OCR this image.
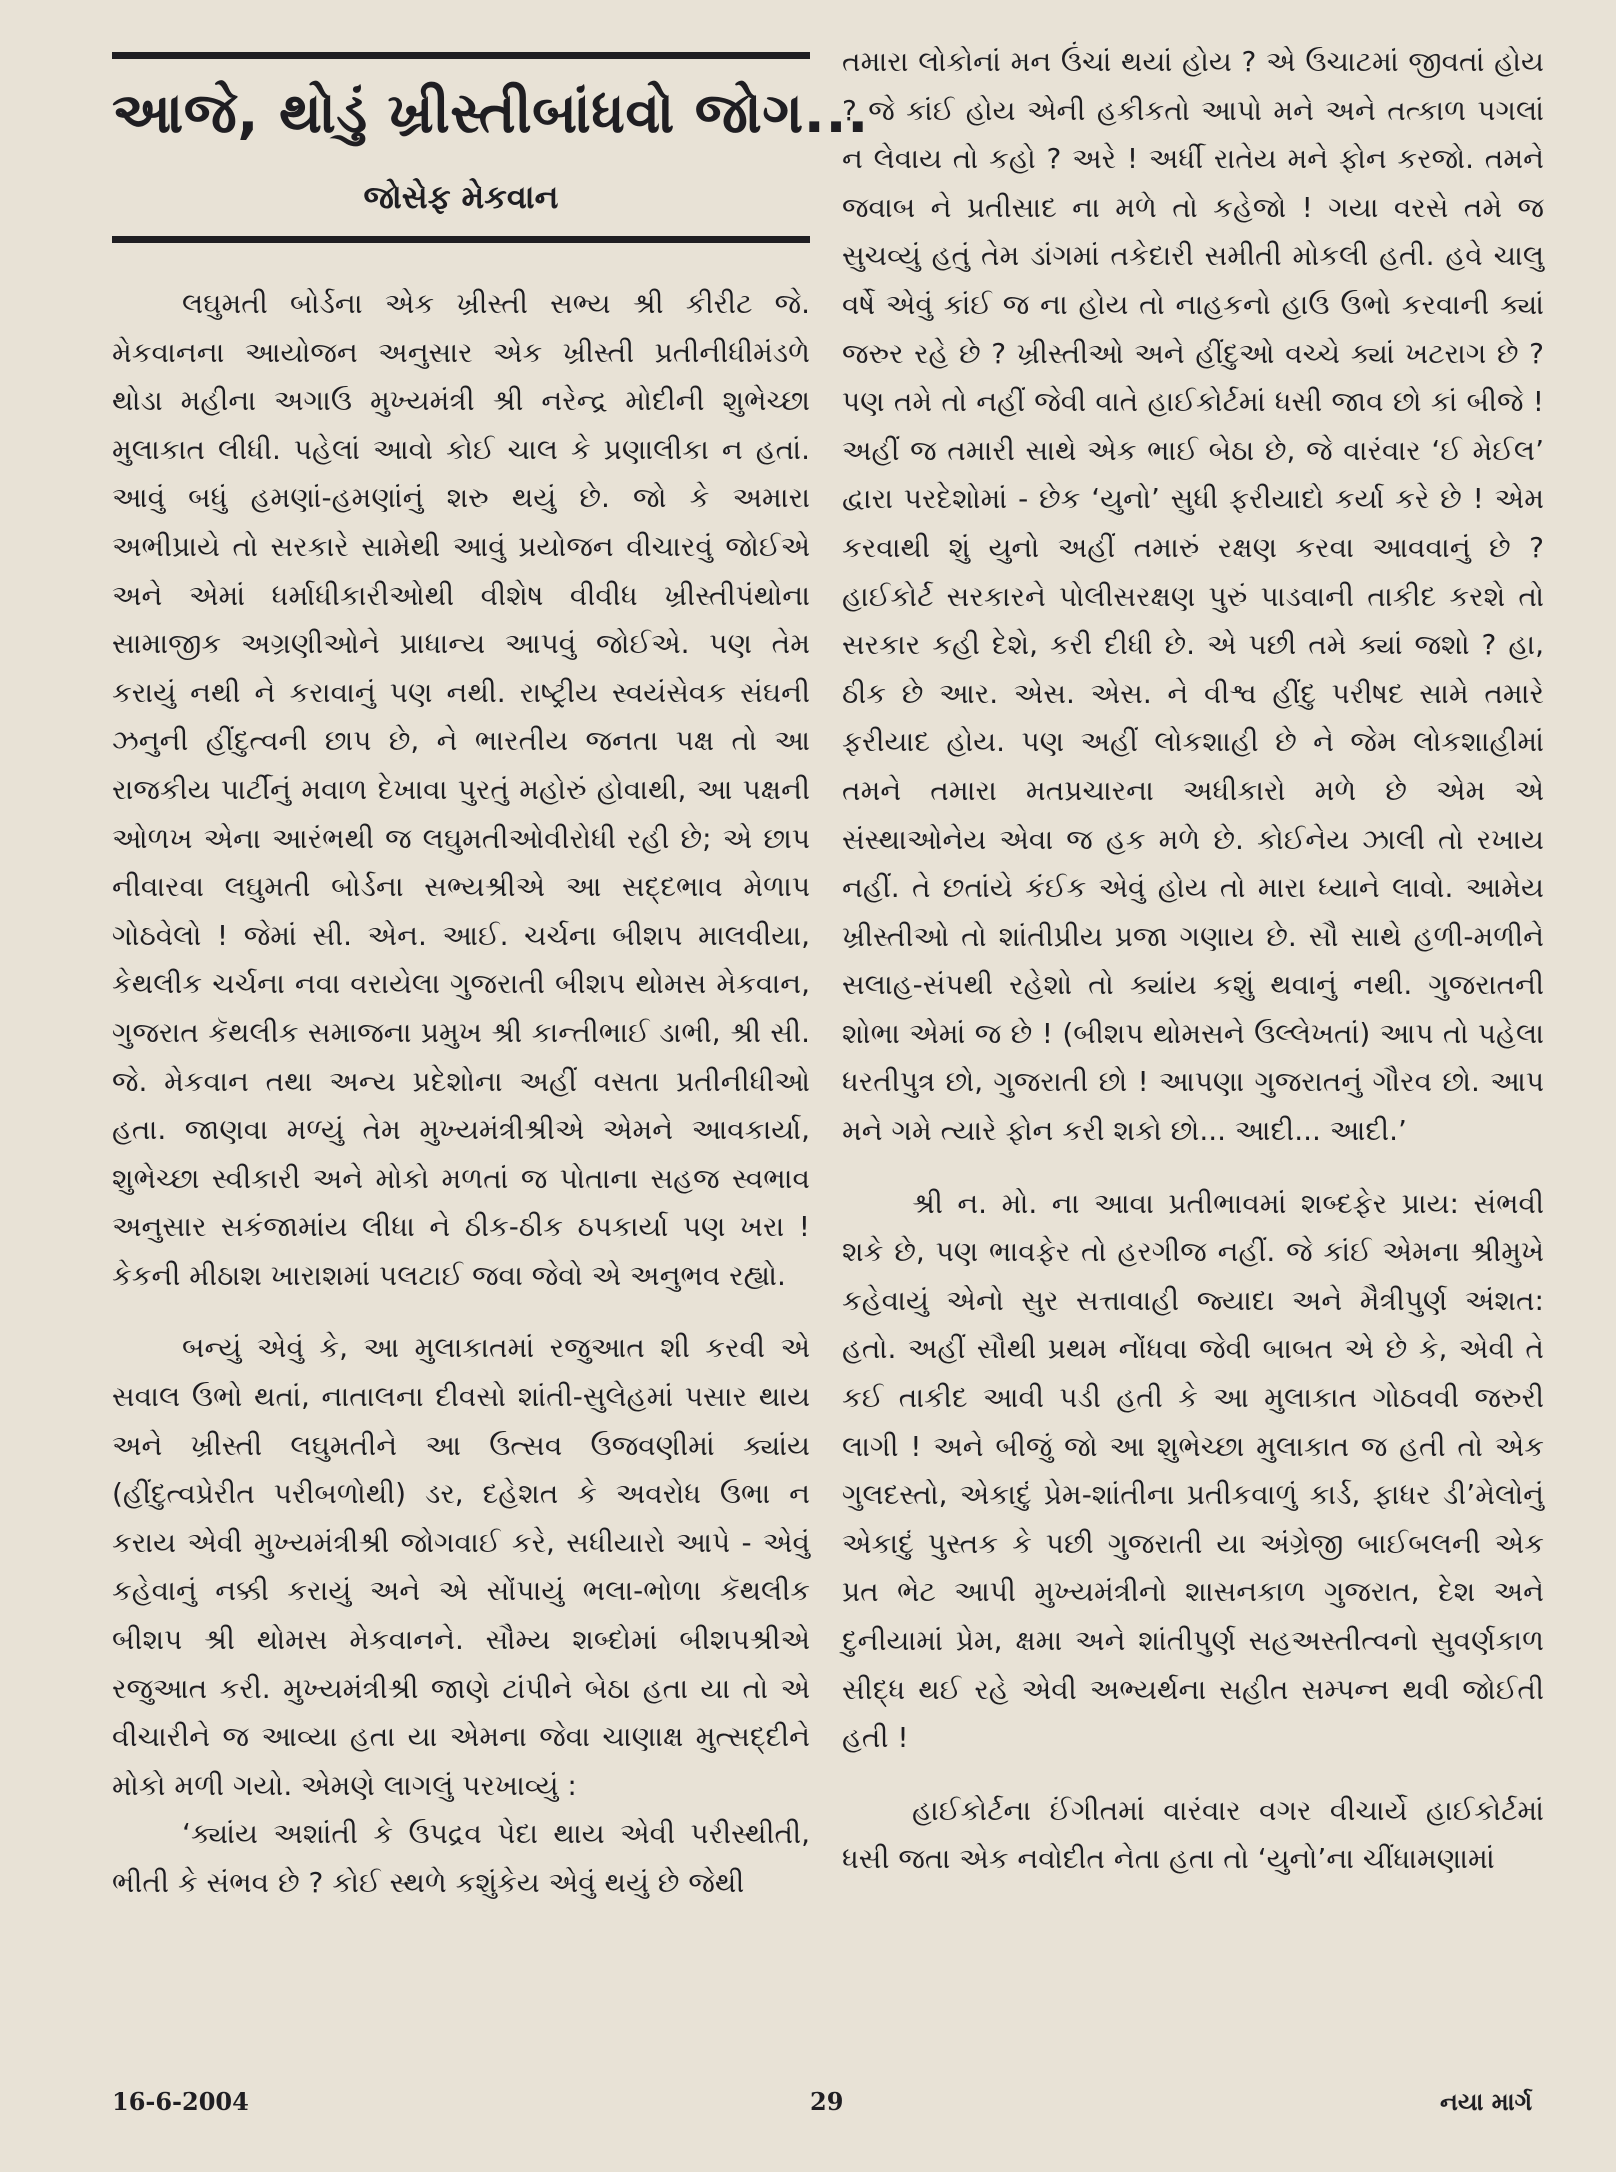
આજે, થોડું ખ્રીસ્તીબાંધવો જોગ...
જોસેફ મેકવાન

લઘુમતી બોર્ડના એક ખ્રીસ્તી સભ્ય શ્રી કીરીટ જે. મેકવાનના આયોજન અનુસાર એક ખ્રીસ્તી પ્રતીનીધીમંડળે થોડા મહીના અગાઉ મુખ્યમંત્રી શ્રી નરેન્દ્ર મોદીની શુભેચ્છા મુલાકાત લીધી. પહેલાં આવો કોઈ ચાલ કે પ્રણાલીકા ન હતાં. આવું બધું હમણાં-હમણાંનું શરુ થયું છે. જો કે અમારા અભીપ્રાયે તો સરકારે સામેથી આવું પ્રયોજન વીચારવું જોઈએ અને એમાં ધર્માધીકારીઓથી વીશેષ વીવીધ ખ્રીસ્તીપંથોના સામાજીક અગ્રણીઓને પ્રાધાન્ય આપવું જોઈએ. પણ તેમ કરાયું નથી ને કરાવાનું પણ નથી. રાષ્ટ્રીય સ્વયંસેવક સંઘની ઝનુની હીંદુત્વની છાપ છે, ને ભારતીય જનતા પક્ષ તો આ રાજકીય પાર્ટીનું મવાળ દેખાવા પુરતું મહોરું હોવાથી, આ પક્ષની ઓળખ એના આરંભથી જ લઘુમતીઓવીરોધી રહી છે; એ છાપ નીવારવા લઘુમતી બોર્ડના સભ્યશ્રીએ આ સદ્દભાવ મેળાપ ગોઠવેલો ! જેમાં સી. એન. આઈ. ચર્ચના બીશપ માલવીયા, કેથલીક ચર્ચના નવા વરાયેલા ગુજરાતી બીશપ થોમસ મેકવાન, ગુજરાત કૅથલીક સમાજના પ્રમુખ શ્રી કાન્તીભાઈ ડાભી, શ્રી સી. જે. મેકવાન તથા અન્ય પ્રદેશોના અહીં વસતા પ્રતીનીધીઓ હતા. જાણવા મળ્યું તેમ મુખ્યમંત્રીશ્રીએ એમને આવકાર્યા, શુભેચ્છા સ્વીકારી અને મોકો મળતાં જ પોતાના સહજ સ્વભાવ અનુસાર સકંજામાંય લીધા ને ઠીક-ઠીક ઠપકાર્યા પણ ખરા ! કેકની મીઠાશ ખારાશમાં પલટાઈ જવા જેવો એ અનુભવ રહ્યો.

બન્યું એવું કે, આ મુલાકાતમાં રજુઆત શી કરવી એ સવાલ ઉભો થતાં, નાતાલના દીવસો શાંતી-સુલેહમાં પસાર થાય અને ખ્રીસ્તી લઘુમતીને આ ઉત્સવ ઉજવણીમાં ક્યાંય (હીંદુત્વપ્રેરીત પરીબળોથી) ડર, દહેશત કે અવરોધ ઉભા ન કરાય એવી મુખ્યમંત્રીશ્રી જોગવાઈ કરે, સધીયારો આપે - એવું કહેવાનું નક્કી કરાયું અને એ સોંપાયું ભલા-ભોળા કૅથલીક બીશપ શ્રી થોમસ મેકવાનને. સૌમ્ય શબ્દોમાં બીશપશ્રીએ રજુઆત કરી. મુખ્યમંત્રીશ્રી જાણે ટાંપીને બેઠા હતા યા તો એ વીચારીને જ આવ્યા હતા યા એમના જેવા ચાણાક્ષ મુત્સદ્દીને મોકો મળી ગયો. એમણે લાગલું પરખાવ્યું :

‘ક્યાંય અશાંતી કે ઉપદ્રવ પેદા થાય એવી પરીસ્થીતી, ભીતી કે સંભવ છે ? કોઈ સ્થળે કશુંકેય એવું થયું છે જેથી

તમારા લોકોનાં મન ઉંચાં થયાં હોય ? એ ઉચાટમાં જીવતાં હોય ? જે કાંઈ હોય એની હકીકતો આપો મને અને તત્કાળ પગલાં ન લેવાય તો કહો ? અરે ! અર્ધી રાતેય મને ફોન કરજો. તમને જવાબ ને પ્રતીસાદ ના મળે તો કહેજો ! ગયા વરસે તમે જ સુચવ્યું હતું તેમ ડાંગમાં તકેદારી સમીતી મોકલી હતી. હવે ચાલુ વર્ષે એવું કાંઈ જ ના હોય તો નાહકનો હાઉ ઉભો કરવાની ક્યાં જરુર રહે છે ? ખ્રીસ્તીઓ અને હીંદુઓ વચ્ચે ક્યાં ખટરાગ છે ? પણ તમે તો નહીં જેવી વાતે હાઈકોર્ટમાં ધસી જાવ છો કાં બીજે ! અહીં જ તમારી સાથે એક ભાઈ બેઠા છે, જે વારંવાર ‘ઈ મેઈલ’ દ્વારા પરદેશોમાં - છેક ‘યુનો’ સુધી ફરીયાદો કર્યા કરે છે ! એમ કરવાથી શું યુનો અહીં તમારું રક્ષણ કરવા આવવાનું છે ? હાઈકોર્ટ સરકારને પોલીસરક્ષણ પુરું પાડવાની તાકીદ કરશે તો સરકાર કહી દેશે, કરી દીધી છે. એ પછી તમે ક્યાં જશો ? હા, ઠીક છે આર. એસ. એસ. ને વીશ્વ હીંદુ પરીષદ સામે તમારે ફરીયાદ હોય. પણ અહીં લોકશાહી છે ને જેમ લોકશાહીમાં તમને તમારા મતપ્રચારના અધીકારો મળે છે એમ એ સંસ્થાઓનેય એવા જ હક મળે છે. કોઈનેય ઝાલી તો રખાય નહીં. તે છતાંયે કંઈક એવું હોય તો મારા ધ્યાને લાવો. આમેય ખ્રીસ્તીઓ તો શાંતીપ્રીય પ્રજા ગણાય છે. સૌ સાથે હળી-મળીને સલાહ-સંપથી રહેશો તો ક્યાંય કશું થવાનું નથી. ગુજરાતની શોભા એમાં જ છે ! (બીશપ થોમસને ઉલ્લેખતાં) આપ તો પહેલા ધરતીપુત્ર છો, ગુજરાતી છો ! આપણા ગુજરાતનું ગૌરવ છો. આપ મને ગમે ત્યારે ફોન કરી શકો છો... આદી... આદી.’

શ્રી ન. મો. ના આવા પ્રતીભાવમાં શબ્દફેર પ્રાય: સંભવી શકે છે, પણ ભાવફેર તો હરગીજ નહીં. જે કાંઈ એમના શ્રીમુખે કહેવાયું એનો સુર સત્તાવાહી જ્યાદા અને મૈત્રીપુર્ણ અંશત: હતો. અહીં સૌથી પ્રથમ નોંધવા જેવી બાબત એ છે કે, એવી તે કઈ તાકીદ આવી પડી હતી કે આ મુલાકાત ગોઠવવી જરુરી લાગી ! અને બીજું જો આ શુભેચ્છા મુલાકાત જ હતી તો એક ગુલદસ્તો, એકાદું પ્રેમ-શાંતીના પ્રતીકવાળું કાર્ડ, ફાધર ડી’મેલોનું એકાદું પુસ્તક કે પછી ગુજરાતી યા અંગ્રેજી બાઈબલની એક પ્રત ભેટ આપી મુખ્યમંત્રીનો શાસનકાળ ગુજરાત, દેશ અને દુનીયામાં પ્રેમ, ક્ષમા અને શાંતીપુર્ણ સહઅસ્તીત્વનો સુવર્ણકાળ સીદ્ધ થઈ રહે એવી અભ્યર્થના સહીત સમ્પન્ન થવી જોઈતી હતી !

હાઈકોર્ટના ઈંગીતમાં વારંવાર વગર વીચાર્યે હાઈકોર્ટમાં ધસી જતા એક નવોદીત નેતા હતા તો ‘યુનો’ના ચીંધામણામાં

16-6-2004	29	નયા માર્ગ
